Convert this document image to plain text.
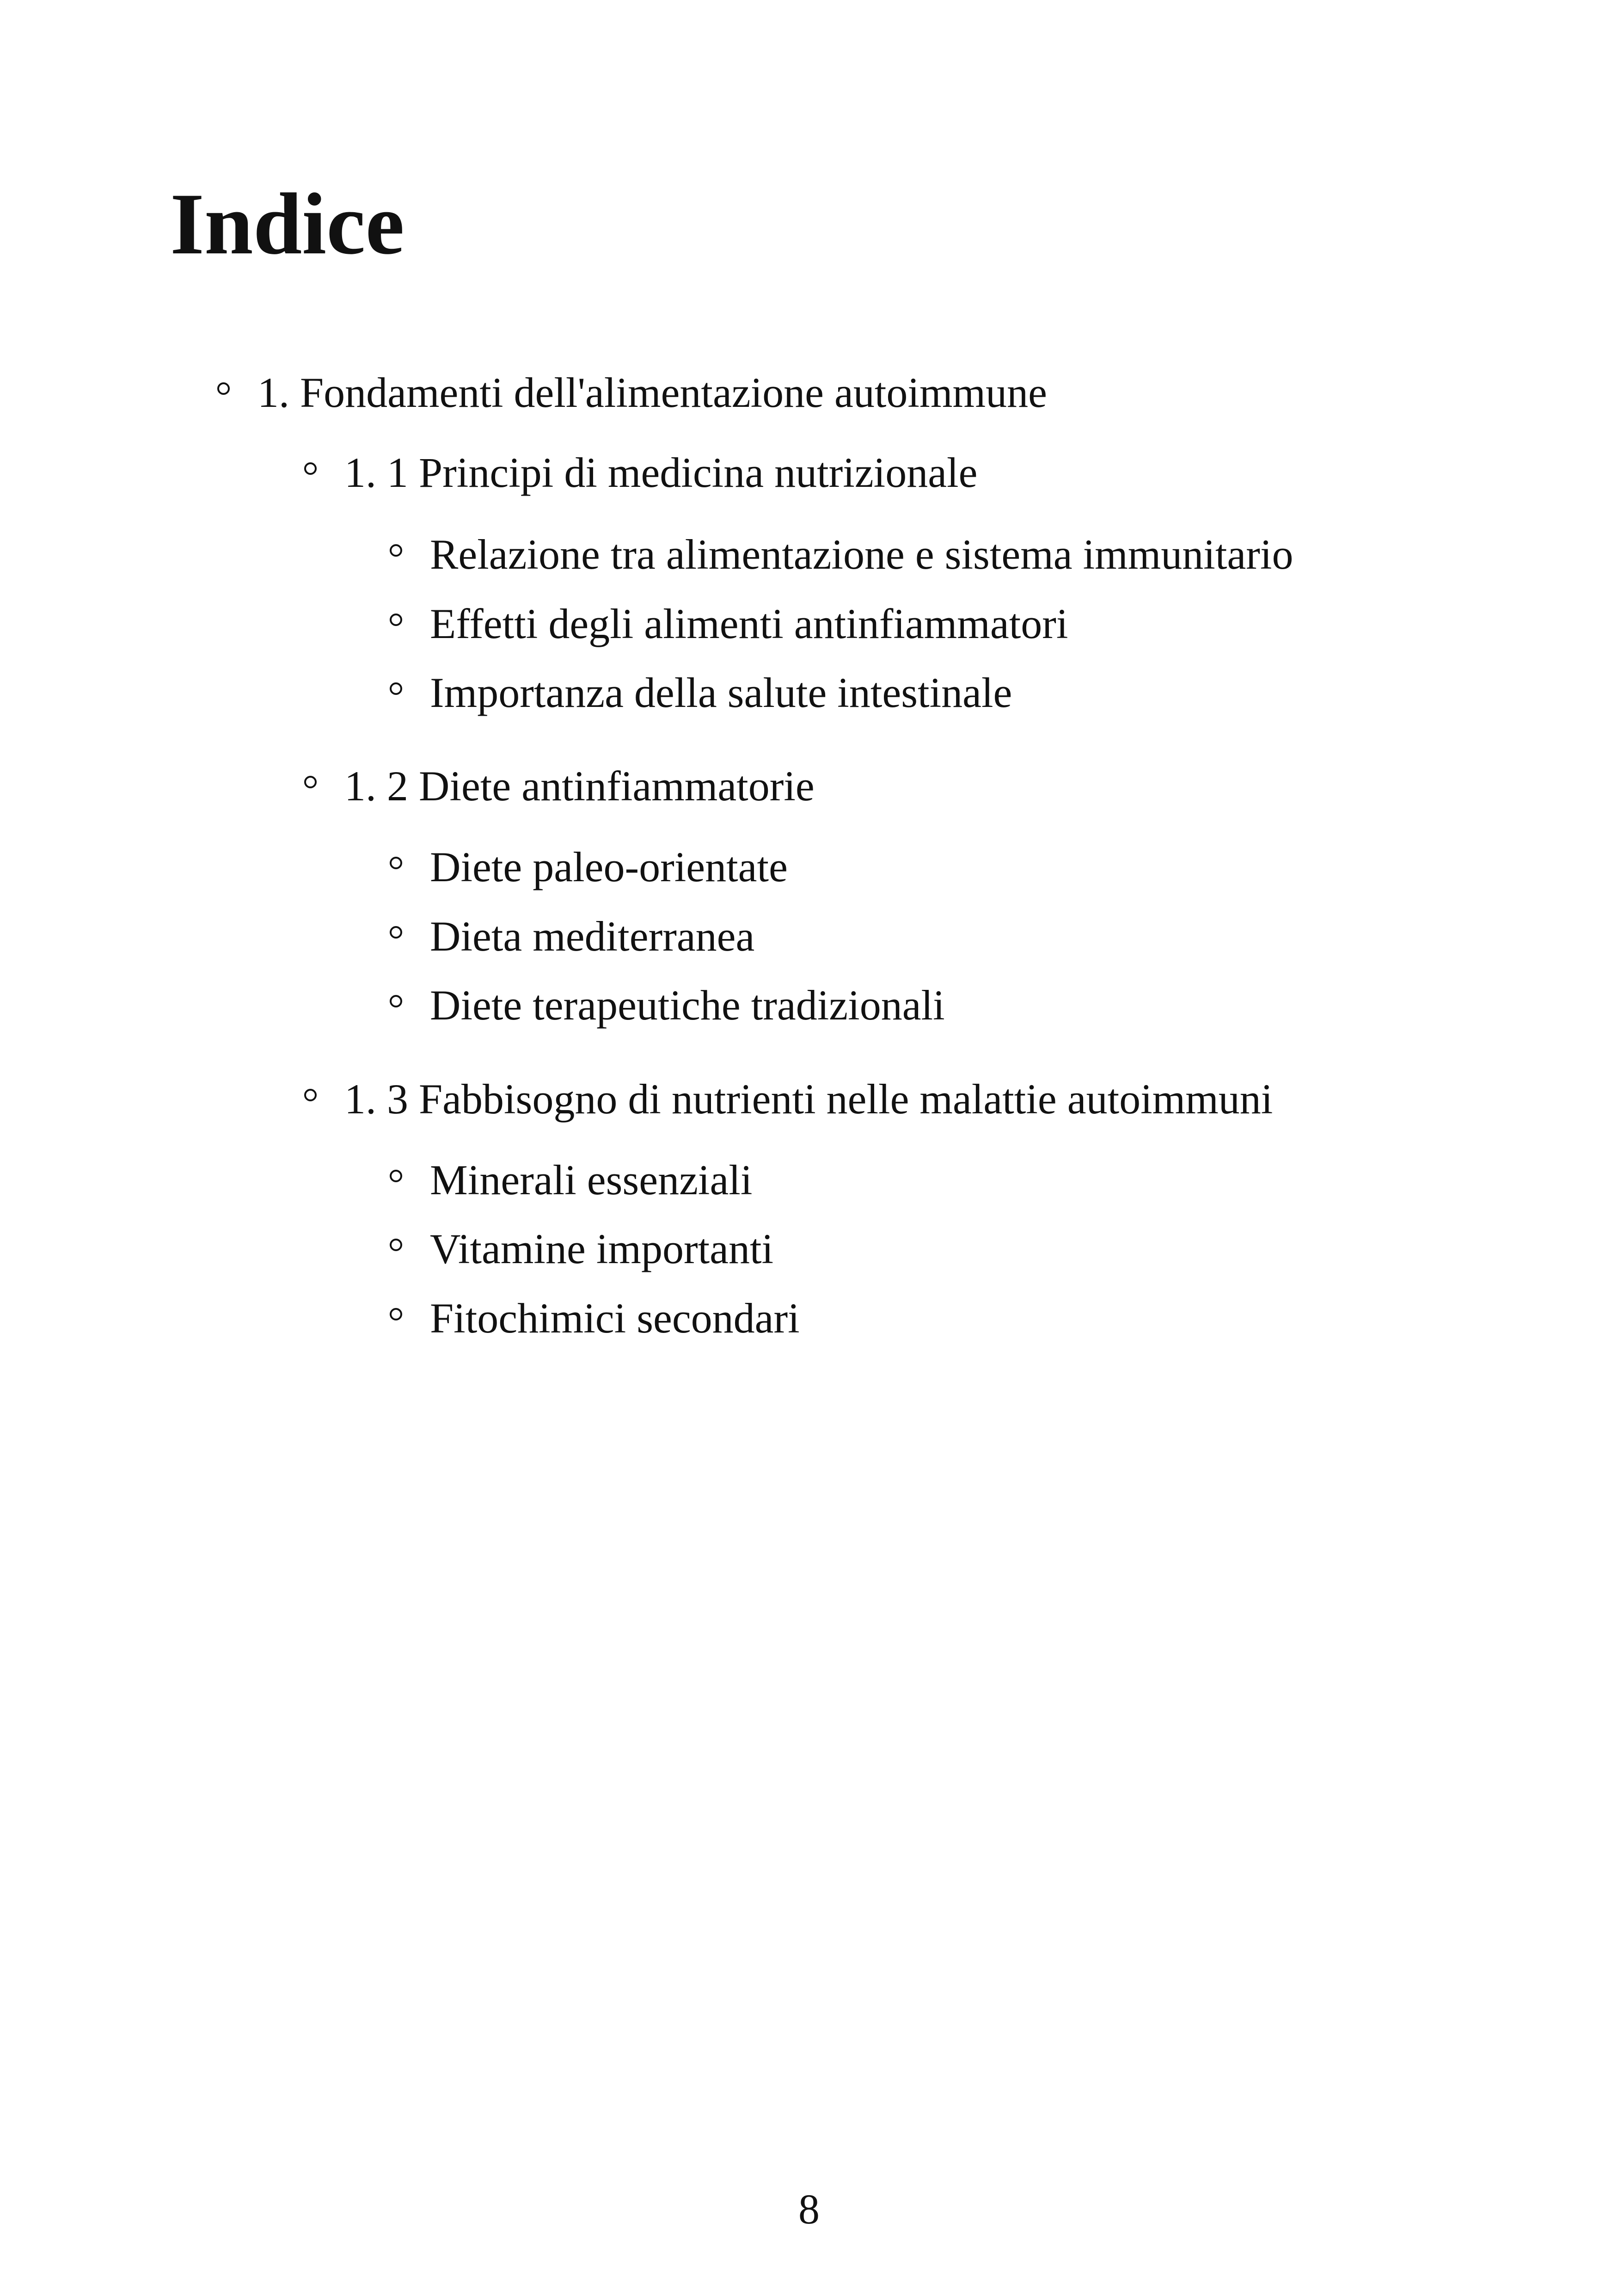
Indice
1. Fondamenti dell'alimentazione autoimmune
1. 1 Principi di medicina nutrizionale
Relazione tra alimentazione e sistema immunitario
Effetti degli alimenti antinfiammatori
Importanza della salute intestinale
1. 2 Diete antinfiammatorie
Diete paleo-orientate
Dieta mediterranea
Diete terapeutiche tradizionali
1. 3 Fabbisogno di nutrienti nelle malattie autoimmuni
Minerali essenziali
Vitamine importanti
Fitochimici secondari
8
